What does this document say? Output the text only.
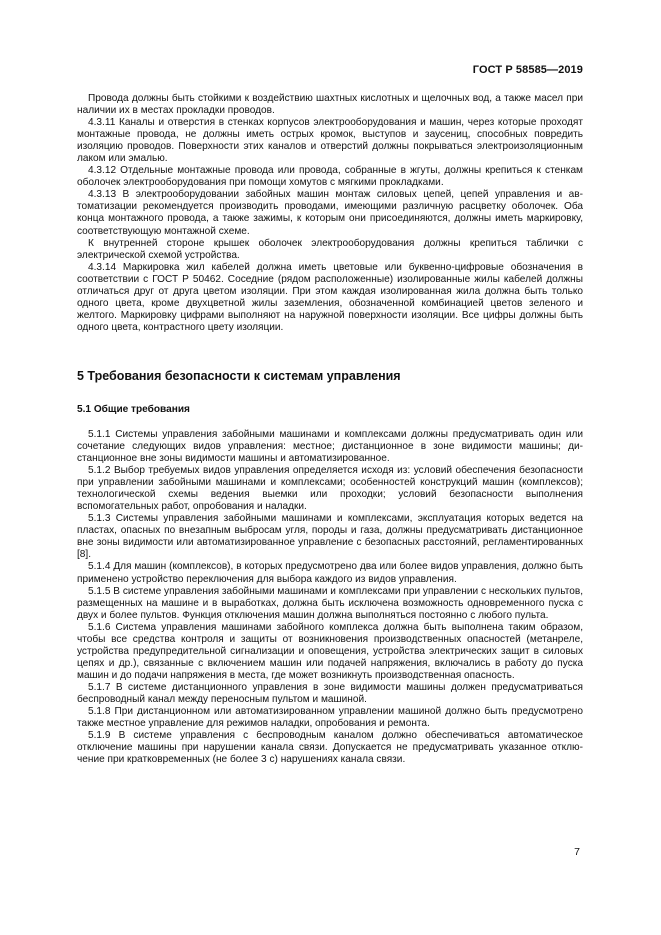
ГОСТ Р 58585—2019

Провода должны быть стойкими к воздействию шахтных кислотных и щелочных вод, а также масел при наличии их в местах прокладки проводов.

4.3.11 Каналы и отверстия в стенках корпусов электрооборудования и машин, через которые проходят монтажные провода, не должны иметь острых кромок, выступов и заусениц, способных повредить изоляцию проводов. Поверхности этих каналов и отверстий должны покрываться электроизоляционным лаком или эмалью.

4.3.12 Отдельные монтажные провода или провода, собранные в жгуты, должны крепиться к стенкам оболочек электрооборудования при помощи хомутов с мягкими прокладками.

4.3.13 В электрооборудовании забойных машин монтаж силовых цепей, цепей управления и автоматизации рекомендуется производить проводами, имеющими различную расцветку оболочек. Оба конца монтажного провода, а также зажимы, к которым они присоединяются, должны иметь маркировку, соответствующую монтажной схеме.

К внутренней стороне крышек оболочек электрооборудования должны крепиться таблички с электрической схемой устройства.

4.3.14 Маркировка жил кабелей должна иметь цветовые или буквенно-цифровые обозначения в соответствии с ГОСТ Р 50462. Соседние (рядом расположенные) изолированные жилы кабелей должны отличаться друг от друга цветом изоляции. При этом каждая изолированная жила должна быть только одного цвета, кроме двухцветной жилы заземления, обозначенной комбинацией цветов зеленого и желтого. Маркировку цифрами выполняют на наружной поверхности изоляции. Все цифры должны быть одного цвета, контрастного цвету изоляции.

5 Требования безопасности к системам управления
5.1 Общие требования

5.1.1 Системы управления забойными машинами и комплексами должны предусматривать один или сочетание следующих видов управления: местное; дистанционное в зоне видимости машины; дистанционное вне зоны видимости машины и автоматизированное.

5.1.2 Выбор требуемых видов управления определяется исходя из: условий обеспечения безопасности при управлении забойными машинами и комплексами; особенностей конструкций машин (комплексов); технологической схемы ведения выемки или проходки; условий безопасности выполнения вспомогательных работ, опробования и наладки.

5.1.3 Системы управления забойными машинами и комплексами, эксплуатация которых ведется на пластах, опасных по внезапным выбросам угля, породы и газа, должны предусматривать дистанционное вне зоны видимости или автоматизированное управление с безопасных расстояний, регламентированных [8].

5.1.4 Для машин (комплексов), в которых предусмотрено два или более видов управления, должно быть применено устройство переключения для выбора каждого из видов управления.

5.1.5 В системе управления забойными машинами и комплексами при управлении с нескольких пультов, размещенных на машине и в выработках, должна быть исключена возможность одновременного пуска с двух и более пультов. Функция отключения машин должна выполняться постоянно с любого пульта.

5.1.6 Система управления машинами забойного комплекса должна быть выполнена таким образом, чтобы все средства контроля и защиты от возникновения производственных опасностей (метанреле, устройства предупредительной сигнализации и оповещения, устройства электрических защит в силовых цепях и др.), связанные с включением машин или подачей напряжения, включались в работу до пуска машин и до подачи напряжения в места, где может возникнуть производственная опасность.

5.1.7 В системе дистанционного управления в зоне видимости машины должен предусматриваться беспроводный канал между переносным пультом и машиной.

5.1.8 При дистанционном или автоматизированном управлении машиной должно быть предусмотрено также местное управление для режимов наладки, опробования и ремонта.

5.1.9 В системе управления с беспроводным каналом должно обеспечиваться автоматическое отключение машины при нарушении канала связи. Допускается не предусматривать указанное отключение при кратковременных (не более 3 с) нарушениях канала связи.

7
